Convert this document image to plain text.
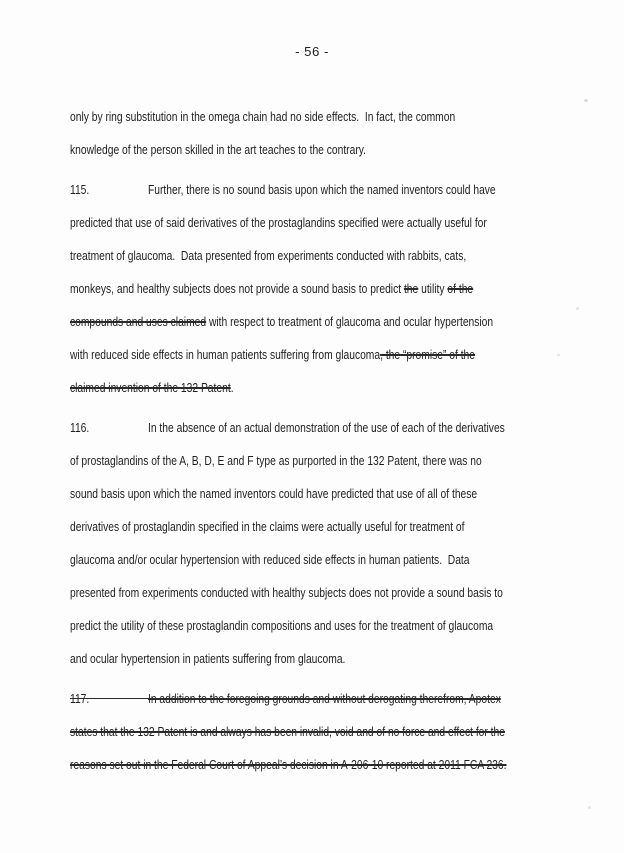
- 56 -
only by ring substitution in the omega chain had no side effects.  In fact, the common
knowledge of the person skilled in the art teaches to the contrary.
115.	Further, there is no sound basis upon which the named inventors could have
predicted that use of said derivatives of the prostaglandins specified were actually useful for
treatment of glaucoma.  Data presented from experiments conducted with rabbits, cats,
monkeys, and healthy subjects does not provide a sound basis to predict the utility of the
compounds and uses claimed with respect to treatment of glaucoma and ocular hypertension
with reduced side effects in human patients suffering from glaucoma, the “promise” of the
claimed invention of the 132 Patent.
116.	In the absence of an actual demonstration of the use of each of the derivatives
of prostaglandins of the A, B, D, E and F type as purported in the 132 Patent, there was no
sound basis upon which the named inventors could have predicted that use of all of these
derivatives of prostaglandin specified in the claims were actually useful for treatment of
glaucoma and/or ocular hypertension with reduced side effects in human patients.  Data
presented from experiments conducted with healthy subjects does not provide a sound basis to
predict the utility of these prostaglandin compositions and uses for the treatment of glaucoma
and ocular hypertension in patients suffering from glaucoma.
117.	In addition to the foregoing grounds and without derogating therefrom, Apotex
states that the 132 Patent is and always has been invalid, void and of no force and effect for the
reasons set out in the Federal Court of Appeal’s decision in A-206-10 reported at 2011 FCA 236.
